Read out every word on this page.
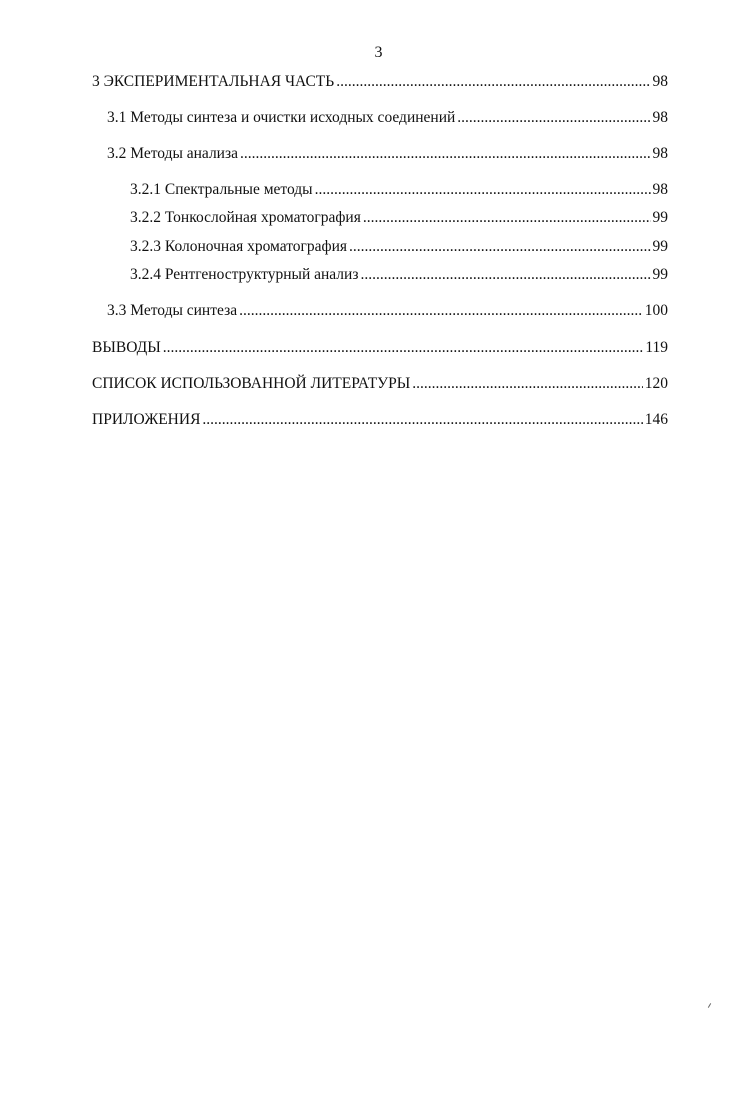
3
3 ЭКСПЕРИМЕНТАЛЬНАЯ ЧАСТЬ .....	98
3.1 Методы синтеза и очистки исходных соединений .....	98
3.2 Методы анализа .....	98
3.2.1 Спектральные методы .....	98
3.2.2 Тонкослойная хроматография .....	99
3.2.3 Колоночная хроматография .....	99
3.2.4 Рентгеноструктурный анализ .....	99
3.3 Методы синтеза .....	100
ВЫВОДЫ .....	119
СПИСОК ИСПОЛЬЗОВАННОЙ ЛИТЕРАТУРЫ .....	120
ПРИЛОЖЕНИЯ .....	146
